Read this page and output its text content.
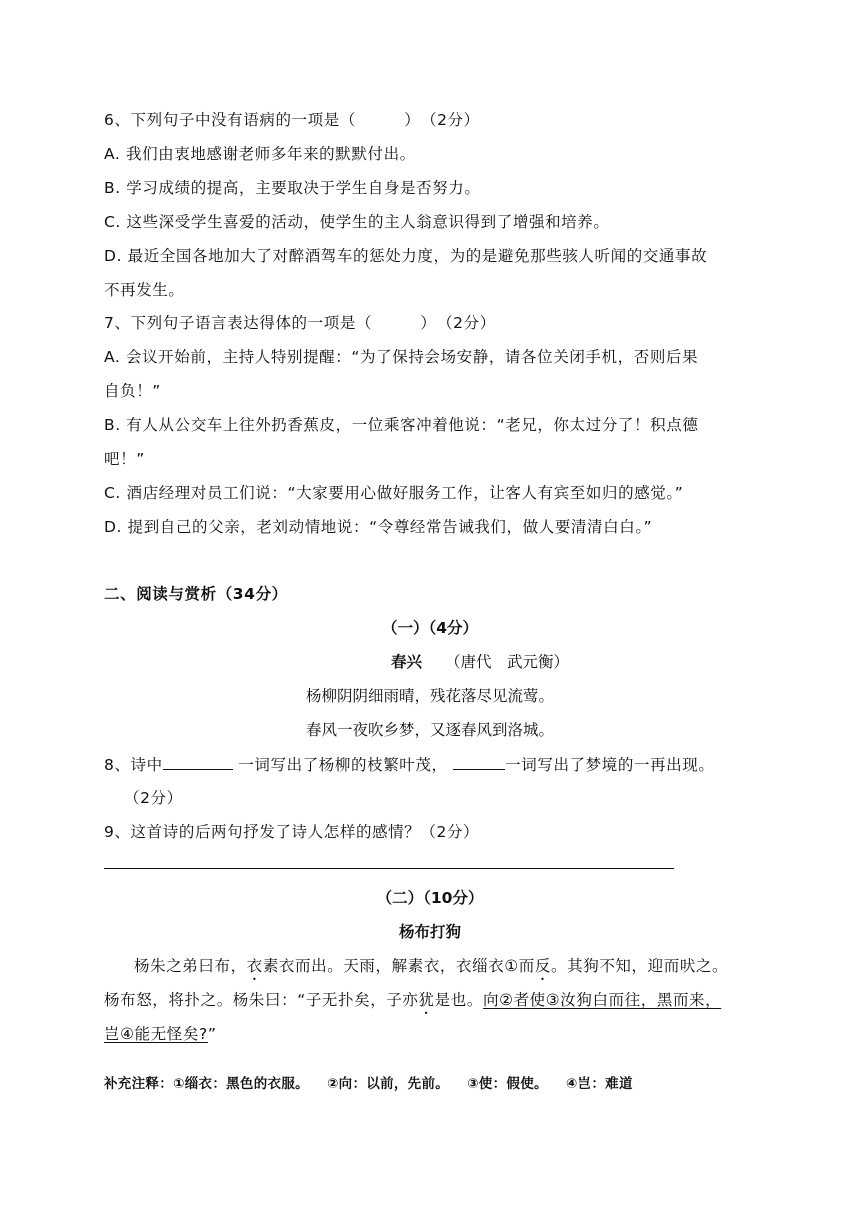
6、下列句子中没有语病的一项是（　　　）　（2分）
A. 我们由衷地感谢老师多年来的默默付出。
B. 学习成绩的提高，主要取决于学生自身是否努力。
C. 这些深受学生喜爱的活动，使学生的主人翁意识得到了增强和培养。
D. 最近全国各地加大了对醉酒驾车的惩处力度，为的是避免那些骇人听闻的交通事故
不再发生。
7、下列句子语言表达得体的一项是（　　　）　（2分）
A. 会议开始前，主持人特别提醒：“为了保持会场安静，请各位关闭手机，否则后果
自负！”
B. 有人从公交车上往外扔香蕉皮，一位乘客冲着他说：“老兄，你太过分了！积点德
吧！”
C. 酒店经理对员工们说：“大家要用心做好服务工作，让客人有宾至如归的感觉。”
D. 提到自己的父亲，老刘动情地说：“令尊经常告诫我们，做人要清清白白。”
二、阅读与赏析（34分）
（一）（4分）
春兴 （唐代　武元衡）
杨柳阴阴细雨晴，残花落尽见流莺。
春风一夜吹乡梦，又逐春风到洛城。
8、诗中	一词写出了杨柳的枝繁叶茂，	一词写出了梦境的一再出现。
（2分）
9、这首诗的后两句抒发了诗人怎样的感情？（2分）
（二）（10分）
杨布打狗
杨朱之弟曰布，衣素衣而出。天雨，解素衣，衣缁衣①而反。其狗不知，迎而吠之。
杨布怒，将扑之。杨朱曰：“子无扑矣，子亦犹是也。向②者使③汝狗白而往，黑而来，
岂④能无怪矣?”
补充注释：①缁衣：黑色的衣服。 ②向：以前，先前。 ③使：假使。 ④岂：难道
